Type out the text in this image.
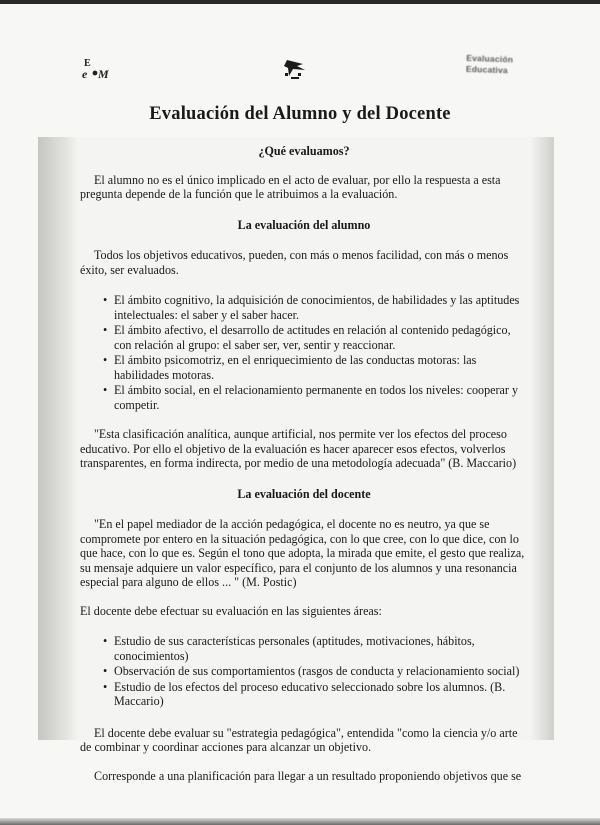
E
e M
Evaluación
Educativa
Evaluación del Alumno y del Docente

¿Qué evaluamos?

El alumno no es el único implicado en el acto de evaluar, por ello la respuesta a esta pregunta depende de la función que le atribuimos a la evaluación.

La evaluación del alumno

Todos los objetivos educativos, pueden, con más o menos facilidad, con más o menos éxito, ser evaluados.

• El ámbito cognitivo, la adquisición de conocimientos, de habilidades y las aptitudes intelectuales: el saber y el saber hacer.
• El ámbito afectivo, el desarrollo de actitudes en relación al contenido pedagógico, con relación al grupo: el saber ser, ver, sentir y reaccionar.
• El ámbito psicomotriz, en el enriquecimiento de las conductas motoras: las habilidades motoras.
• El ámbito social, en el relacionamiento permanente en todos los niveles: cooperar y competir.

"Esta clasificación analítica, aunque artificial, nos permite ver los efectos del proceso educativo. Por ello el objetivo de la evaluación es hacer aparecer esos efectos, volverlos transparentes, en forma indirecta, por medio de una metodología adecuada" (B. Maccario)

La evaluación del docente

"En el papel mediador de la acción pedagógica, el docente no es neutro, ya que se compromete por entero en la situación pedagógica, con lo que cree, con lo que dice, con lo que hace, con lo que es. Según el tono que adopta, la mirada que emite, el gesto que realiza, su mensaje adquiere un valor específico, para el conjunto de los alumnos y una resonancia especial para alguno de ellos ... " (M. Postic)

El docente debe efectuar su evaluación en las siguientes áreas:

• Estudio de sus características personales (aptitudes, motivaciones, hábitos, conocimientos)
• Observación de sus comportamientos (rasgos de conducta y relacionamiento social)
• Estudio de los efectos del proceso educativo seleccionado sobre los alumnos. (B. Maccario)

El docente debe evaluar su "estrategia pedagógica", entendida "como la ciencia y/o arte de combinar y coordinar acciones para alcanzar un objetivo.

Corresponde a una planificación para llegar a un resultado proponiendo objetivos que se
